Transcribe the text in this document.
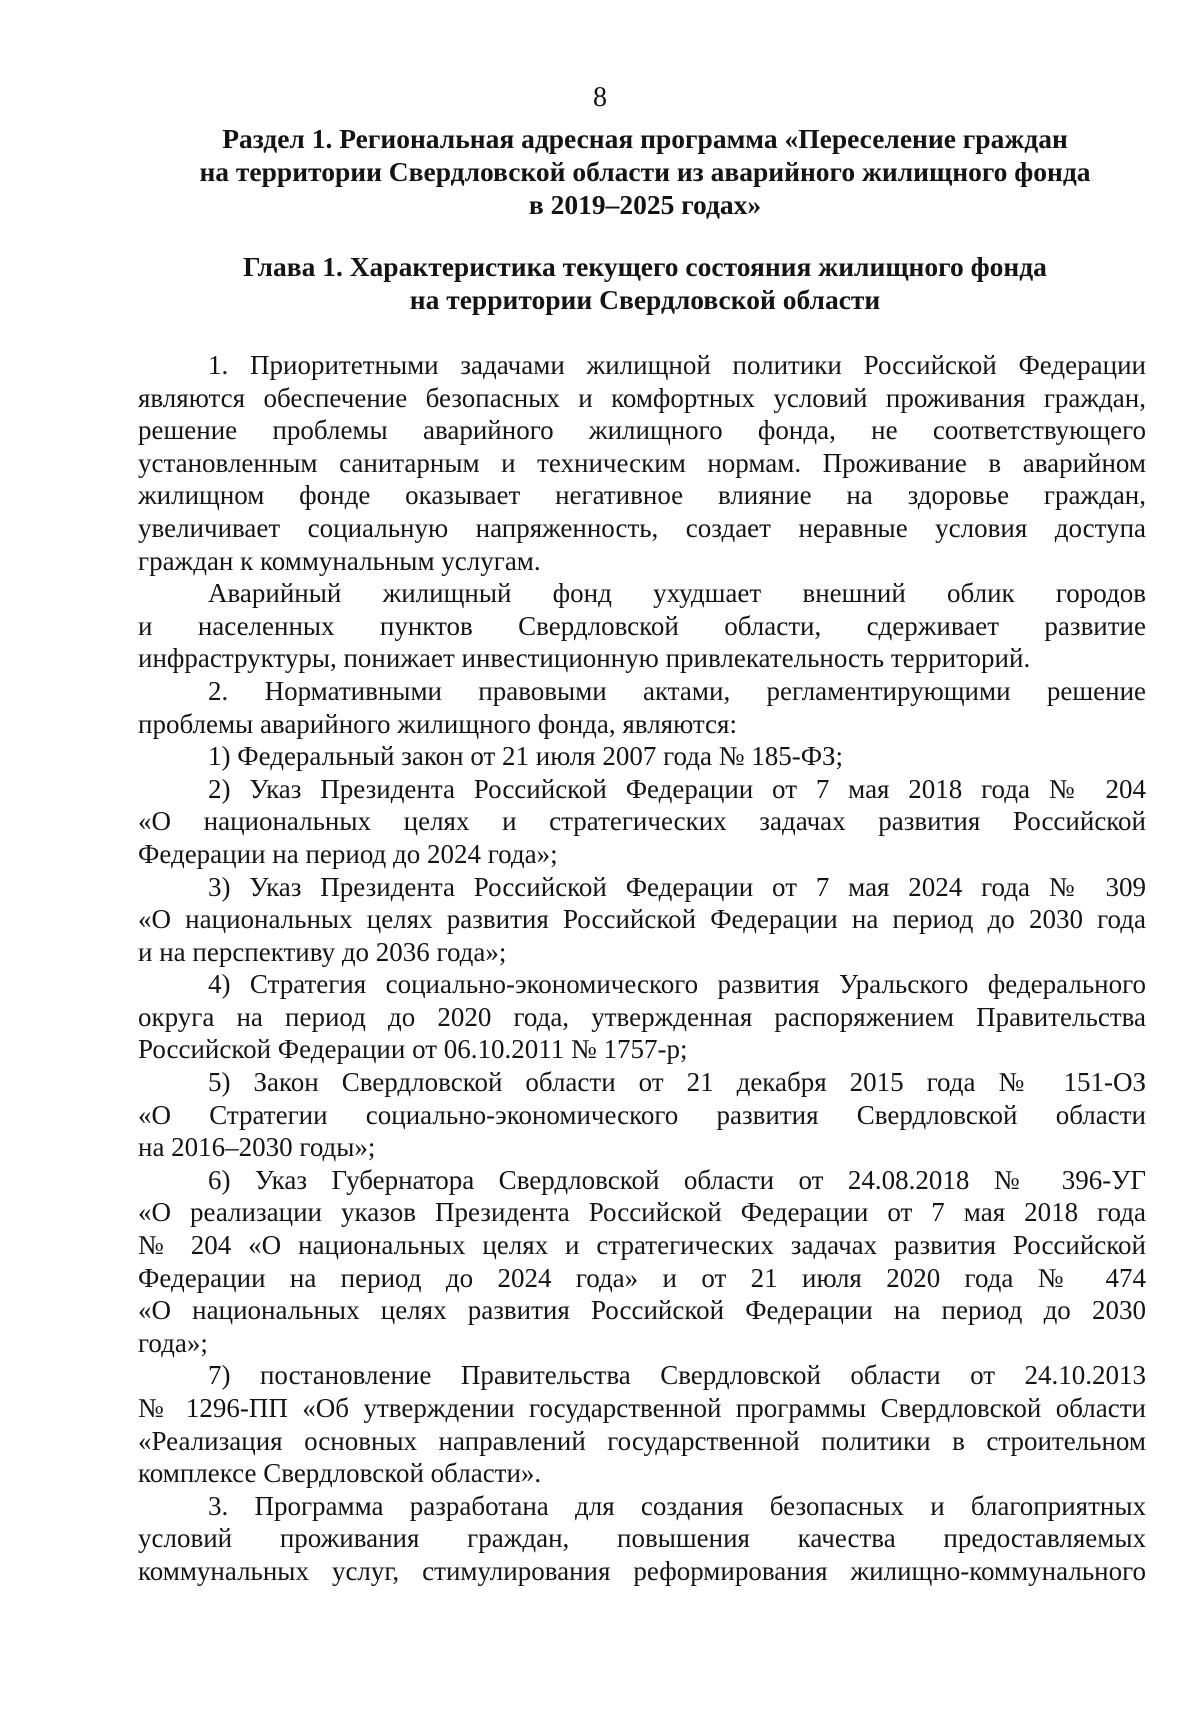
8
Раздел 1. Региональная адресная программа «Переселение граждан
на территории Свердловской области из аварийного жилищного фонда
в 2019–2025 годах»
Глава 1. Характеристика текущего состояния жилищного фонда
на территории Свердловской области
1. Приоритетными задачами жилищной политики Российской Федерации
являются обеспечение безопасных и комфортных условий проживания граждан,
решение проблемы аварийного жилищного фонда, не соответствующего
установленным санитарным и техническим нормам. Проживание в аварийном
жилищном фонде оказывает негативное влияние на здоровье граждан,
увеличивает социальную напряженность, создает неравные условия доступа
граждан к коммунальным услугам.
Аварийный жилищный фонд ухудшает внешний облик городов
и населенных пунктов Свердловской области, сдерживает развитие
инфраструктуры, понижает инвестиционную привлекательность территорий.
2. Нормативными правовыми актами, регламентирующими решение
проблемы аварийного жилищного фонда, являются:
1) Федеральный закон от 21 июля 2007 года № 185-ФЗ;
2) Указ Президента Российской Федерации от 7 мая 2018 года № 204
«О национальных целях и стратегических задачах развития Российской
Федерации на период до 2024 года»;
3) Указ Президента Российской Федерации от 7 мая 2024 года № 309
«О национальных целях развития Российской Федерации на период до 2030 года
и на перспективу до 2036 года»;
4) Стратегия социально-экономического развития Уральского федерального
округа на период до 2020 года, утвержденная распоряжением Правительства
Российской Федерации от 06.10.2011 № 1757-р;
5) Закон Свердловской области от 21 декабря 2015 года № 151-ОЗ
«О Стратегии социально-экономического развития Свердловской области
на 2016–2030 годы»;
6) Указ Губернатора Свердловской области от 24.08.2018 № 396-УГ
«О реализации указов Президента Российской Федерации от 7 мая 2018 года
№ 204 «О национальных целях и стратегических задачах развития Российской
Федерации на период до 2024 года» и от 21 июля 2020 года № 474
«О национальных целях развития Российской Федерации на период до 2030
года»;
7) постановление Правительства Свердловской области от 24.10.2013
№ 1296-ПП «Об утверждении государственной программы Свердловской области
«Реализация основных направлений государственной политики в строительном
комплексе Свердловской области».
3. Программа разработана для создания безопасных и благоприятных
условий проживания граждан, повышения качества предоставляемых
коммунальных услуг, стимулирования реформирования жилищно-коммунального
